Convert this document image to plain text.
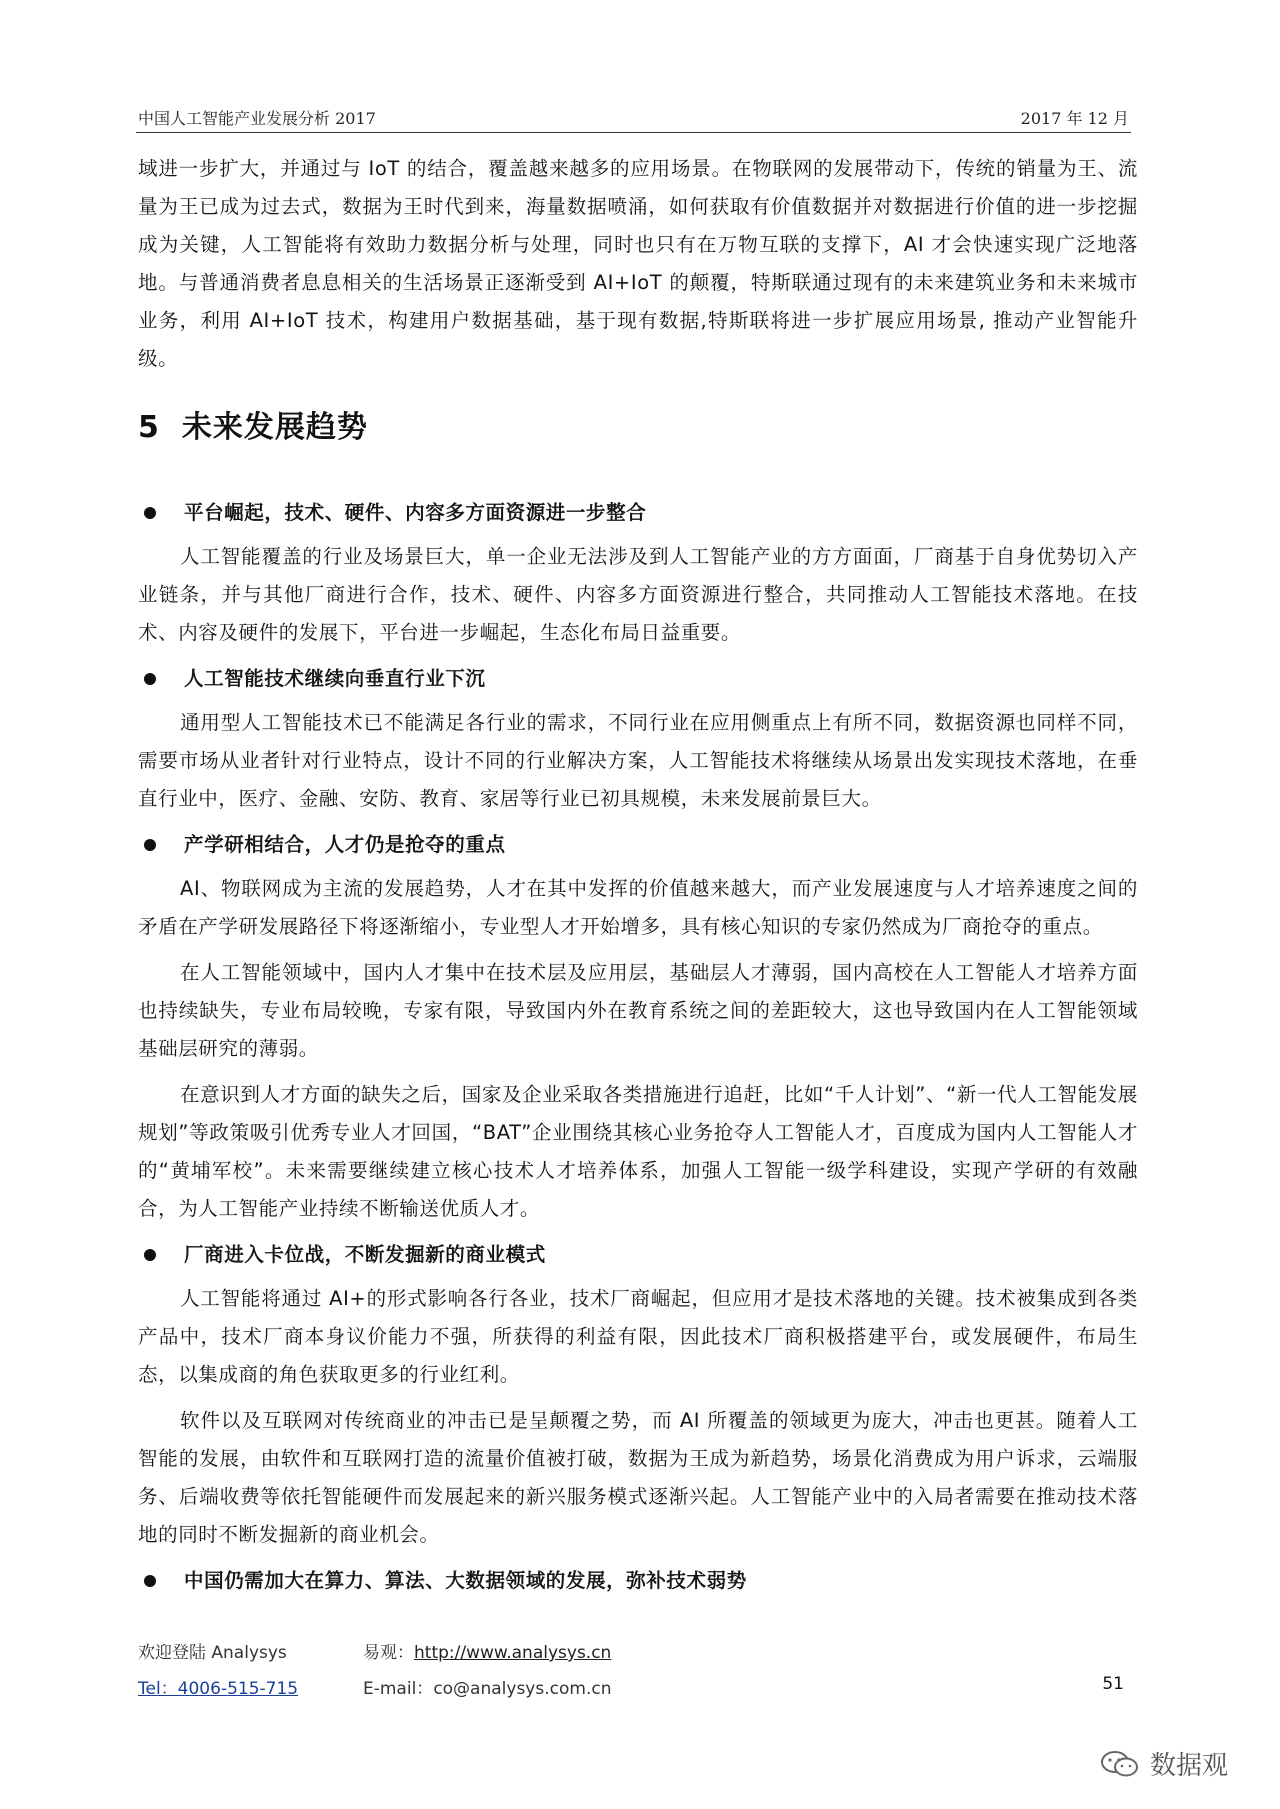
中国人工智能产业发展分析 2017	2017 年 12 月

域进一步扩大，并通过与 IoT 的结合，覆盖越来越多的应用场景。在物联网的发展带动下，传统的销量为王、流量为王已成为过去式，数据为王时代到来，海量数据喷涌，如何获取有价值数据并对数据进行价值的进一步挖掘成为关键，人工智能将有效助力数据分析与处理，同时也只有在万物互联的支撑下，AI 才会快速实现广泛地落地。与普通消费者息息相关的生活场景正逐渐受到 AI+IoT 的颠覆，特斯联通过现有的未来建筑业务和未来城市业务，利用 AI+IoT 技术，构建用户数据基础，基于现有数据,特斯联将进一步扩展应用场景, 推动产业智能升级。

5 未来发展趋势
平台崛起，技术、硬件、内容多方面资源进一步整合

人工智能覆盖的行业及场景巨大，单一企业无法涉及到人工智能产业的方方面面，厂商基于自身优势切入产业链条，并与其他厂商进行合作，技术、硬件、内容多方面资源进行整合，共同推动人工智能技术落地。在技术、内容及硬件的发展下，平台进一步崛起，生态化布局日益重要。

人工智能技术继续向垂直行业下沉

通用型人工智能技术已不能满足各行业的需求，不同行业在应用侧重点上有所不同，数据资源也同样不同，需要市场从业者针对行业特点，设计不同的行业解决方案，人工智能技术将继续从场景出发实现技术落地，在垂直行业中，医疗、金融、安防、教育、家居等行业已初具规模，未来发展前景巨大。

产学研相结合，人才仍是抢夺的重点

AI、物联网成为主流的发展趋势，人才在其中发挥的价值越来越大，而产业发展速度与人才培养速度之间的矛盾在产学研发展路径下将逐渐缩小，专业型人才开始增多，具有核心知识的专家仍然成为厂商抢夺的重点。

在人工智能领域中，国内人才集中在技术层及应用层，基础层人才薄弱，国内高校在人工智能人才培养方面也持续缺失，专业布局较晚，专家有限，导致国内外在教育系统之间的差距较大，这也导致国内在人工智能领域基础层研究的薄弱。

在意识到人才方面的缺失之后，国家及企业采取各类措施进行追赶，比如“千人计划”、“新一代人工智能发展规划”等政策吸引优秀专业人才回国，“BAT”企业围绕其核心业务抢夺人工智能人才，百度成为国内人工智能人才的“黄埔军校”。未来需要继续建立核心技术人才培养体系，加强人工智能一级学科建设，实现产学研的有效融合，为人工智能产业持续不断输送优质人才。

厂商进入卡位战，不断发掘新的商业模式

人工智能将通过 AI+的形式影响各行各业，技术厂商崛起，但应用才是技术落地的关键。技术被集成到各类产品中，技术厂商本身议价能力不强，所获得的利益有限，因此技术厂商积极搭建平台，或发展硬件，布局生态，以集成商的角色获取更多的行业红利。

软件以及互联网对传统商业的冲击已是呈颠覆之势，而 AI 所覆盖的领域更为庞大，冲击也更甚。随着人工智能的发展，由软件和互联网打造的流量价值被打破，数据为王成为新趋势，场景化消费成为用户诉求，云端服务、后端收费等依托智能硬件而发展起来的新兴服务模式逐渐兴起。人工智能产业中的入局者需要在推动技术落地的同时不断发掘新的商业机会。

中国仍需加大在算力、算法、大数据领域的发展，弥补技术弱势
欢迎登陆 Analysys	易观：http://www.analysys.cn
Tel：4006-515-715	E-mail：co@analysys.com.cn	51
数据观
